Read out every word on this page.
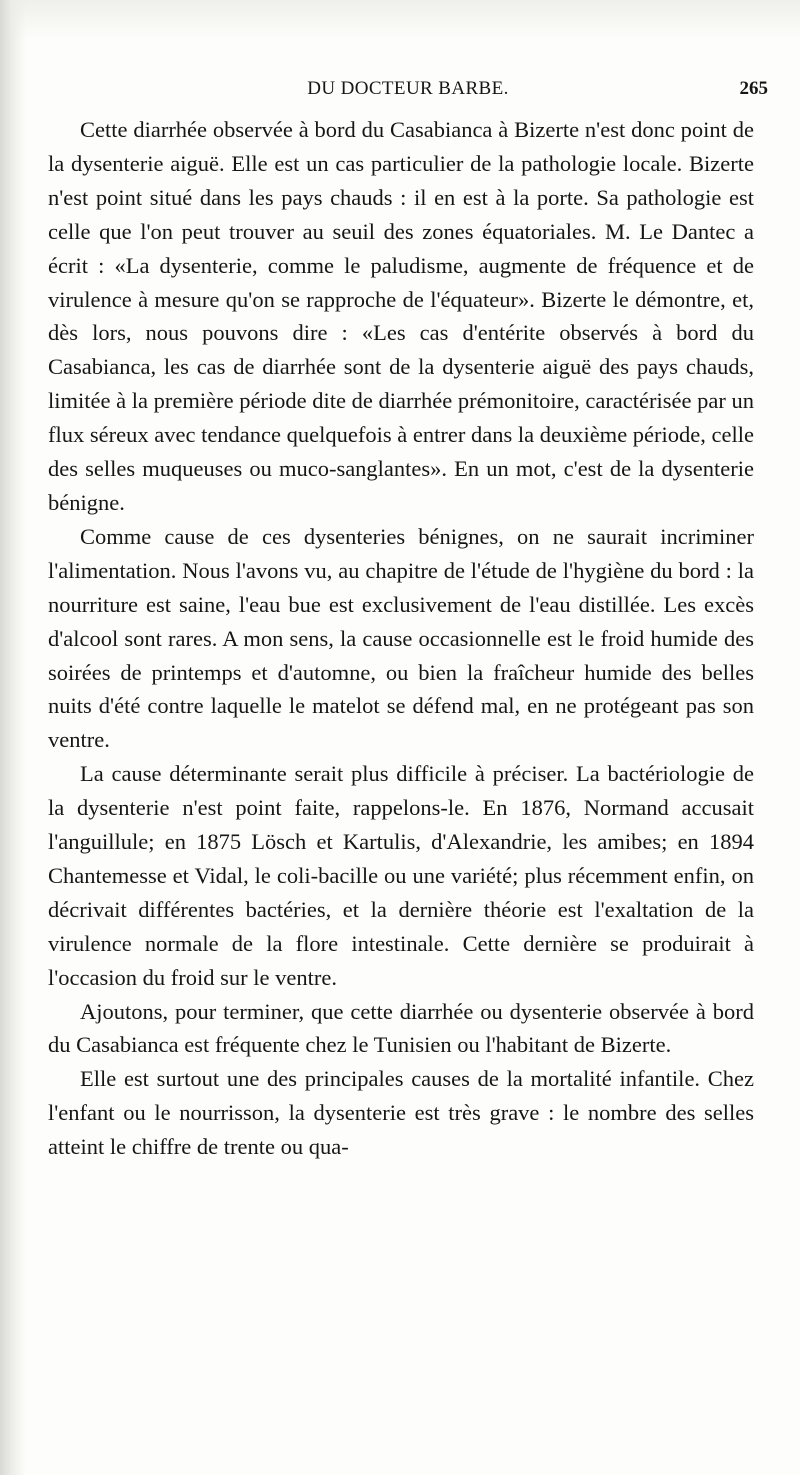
DU DOCTEUR BARBE.	265

Cette diarrhée observée à bord du Casabianca à Bizerte n'est donc point de la dysenterie aiguë. Elle est un cas particulier de la pathologie locale. Bizerte n'est point situé dans les pays chauds : il en est à la porte. Sa pathologie est celle que l'on peut trouver au seuil des zones équatoriales. M. Le Dantec a écrit : «La dysenterie, comme le paludisme, augmente de fréquence et de virulence à mesure qu'on se rapproche de l'équateur». Bizerte le démontre, et, dès lors, nous pouvons dire : «Les cas d'entérite observés à bord du Casabianca, les cas de diarrhée sont de la dysenterie aiguë des pays chauds, limitée à la première période dite de diarrhée prémonitoire, caractérisée par un flux séreux avec tendance quelquefois à entrer dans la deuxième période, celle des selles muqueuses ou muco-sanglantes». En un mot, c'est de la dysenterie bénigne.

Comme cause de ces dysenteries bénignes, on ne saurait incriminer l'alimentation. Nous l'avons vu, au chapitre de l'étude de l'hygiène du bord : la nourriture est saine, l'eau bue est exclusivement de l'eau distillée. Les excès d'alcool sont rares. A mon sens, la cause occasionnelle est le froid humide des soirées de printemps et d'automne, ou bien la fraîcheur humide des belles nuits d'été contre laquelle le matelot se défend mal, en ne protégeant pas son ventre.

La cause déterminante serait plus difficile à préciser. La bactériologie de la dysenterie n'est point faite, rappelons-le. En 1876, Normand accusait l'anguillule; en 1875 Lösch et Kartulis, d'Alexandrie, les amibes; en 1894 Chantemesse et Vidal, le coli-bacille ou une variété; plus récemment enfin, on décrivait différentes bactéries, et la dernière théorie est l'exaltation de la virulence normale de la flore intestinale. Cette dernière se produirait à l'occasion du froid sur le ventre.

Ajoutons, pour terminer, que cette diarrhée ou dysenterie observée à bord du Casabianca est fréquente chez le Tunisien ou l'habitant de Bizerte.

Elle est surtout une des principales causes de la mortalité infantile. Chez l'enfant ou le nourrisson, la dysenterie est très grave : le nombre des selles atteint le chiffre de trente ou qua-
